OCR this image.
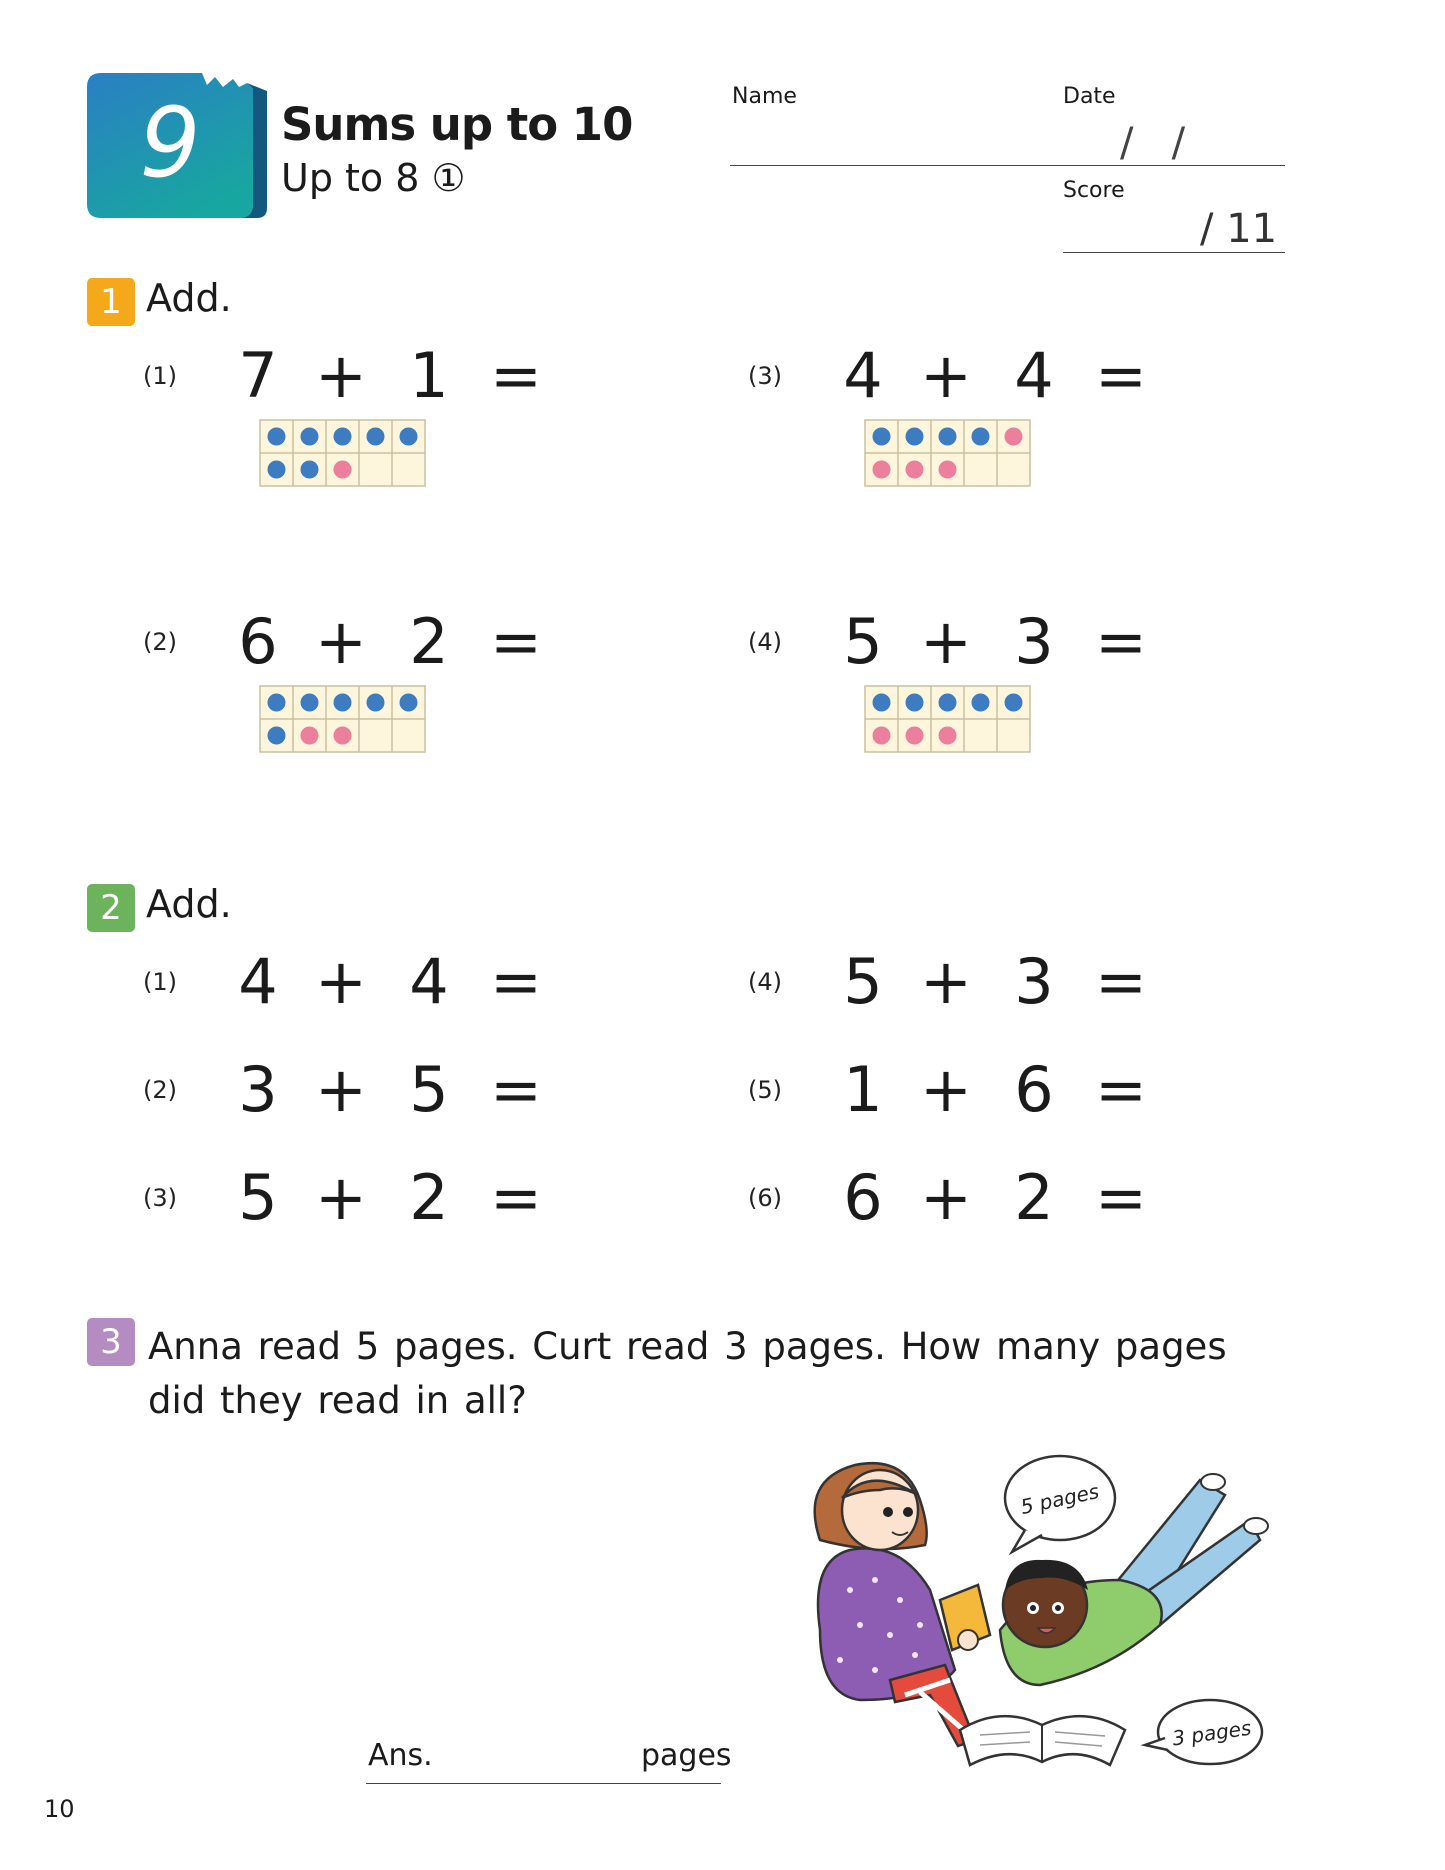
9	Sums up to 10
Up to 8 ①
Name	Date
/   /
Score
/ 11
1 Add.
(1) 7 + 1 =
(2) 6 + 2 =
(3) 4 + 4 =
(4) 5 + 3 =
2 Add.
(1) 4 + 4 =
(2) 3 + 5 =
(3) 5 + 2 =
(4) 5 + 3 =
(5) 1 + 6 =
(6) 6 + 2 =
3 Anna read 5 pages. Curt read 3 pages. How many pages did they read in all?
5 pages
3 pages
Ans.	pages
10
